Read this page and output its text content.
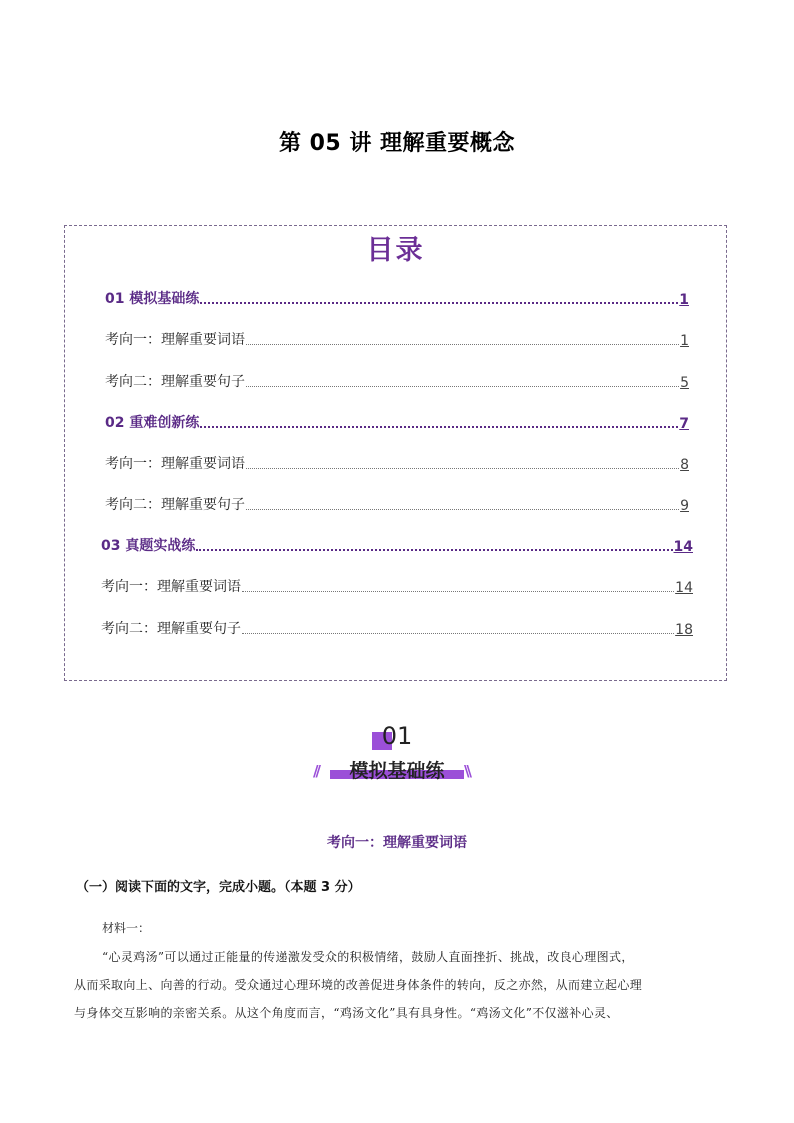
第 05 讲 理解重要概念
目录
01 模拟基础练	1
考向一：理解重要词语	1
考向二：理解重要句子	5
02 重难创新练	7
考向一：理解重要词语	8
考向二：理解重要句子	9
03 真题实战练	14
考向一：理解重要词语	14
考向二：理解重要句子	18
01
//	模拟基础练	\\
考向一：理解重要词语
（一）阅读下面的文字，完成小题。（本题 3 分）
材料一：
“心灵鸡汤”可以通过正能量的传递激发受众的积极情绪，鼓励人直面挫折、挑战，改良心理图式，
从而采取向上、向善的行动。受众通过心理环境的改善促进身体条件的转向，反之亦然，从而建立起心理
与身体交互影响的亲密关系。从这个角度而言，“鸡汤文化”具有具身性。“鸡汤文化”不仅滋补心灵、
